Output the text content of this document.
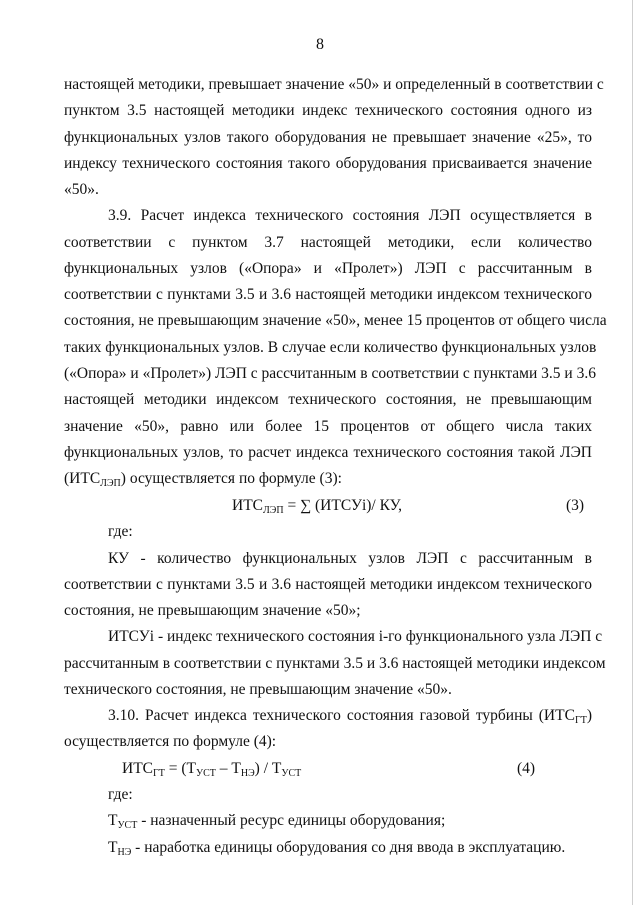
8
настоящей методики, превышает значение «50» и определенный в соответствии с
пунктом 3.5 настоящей методики индекс технического состояния одного из
функциональных узлов такого оборудования не превышает значение «25», то
индексу технического состояния такого оборудования присваивается значение
«50».
3.9. Расчет индекса технического состояния ЛЭП осуществляется в
соответствии с пунктом 3.7 настоящей методики, если количество
функциональных узлов («Опора» и «Пролет») ЛЭП с рассчитанным в
соответствии с пунктами 3.5 и 3.6 настоящей методики индексом технического
состояния, не превышающим значение «50», менее 15 процентов от общего числа
таких функциональных узлов. В случае если количество функциональных узлов
(«Опора» и «Пролет») ЛЭП с рассчитанным в соответствии с пунктами 3.5 и 3.6
настоящей методики индексом технического состояния, не превышающим
значение «50», равно или более 15 процентов от общего числа таких
функциональных узлов, то расчет индекса технического состояния такой ЛЭП
$(ИТС_{ЛЭП})$ осуществляется по формуле (3):
$ИТС_{ЛЭП}$ = ∑ (ИТСУi)/ КУ,	(3)
где:
КУ - количество функциональных узлов ЛЭП с рассчитанным в
соответствии с пунктами 3.5 и 3.6 настоящей методики индексом технического
состояния, не превышающим значение «50»;
ИТСУi - индекс технического состояния i-го функционального узла ЛЭП с
рассчитанным в соответствии с пунктами 3.5 и 3.6 настоящей методики индексом
технического состояния, не превышающим значение «50».
3.10. Расчет индекса технического состояния газовой турбины $(ИТС_{ГТ})$
осуществляется по формуле (4):
$ИТС_{ГТ} = (Т_{УСТ} - Т_{НЭ}) / Т_{УСТ}$	(4)
где:
$Т_{УСТ}$ - назначенный ресурс единицы оборудования;
$Т_{НЭ}$ - наработка единицы оборудования со дня ввода в эксплуатацию.
